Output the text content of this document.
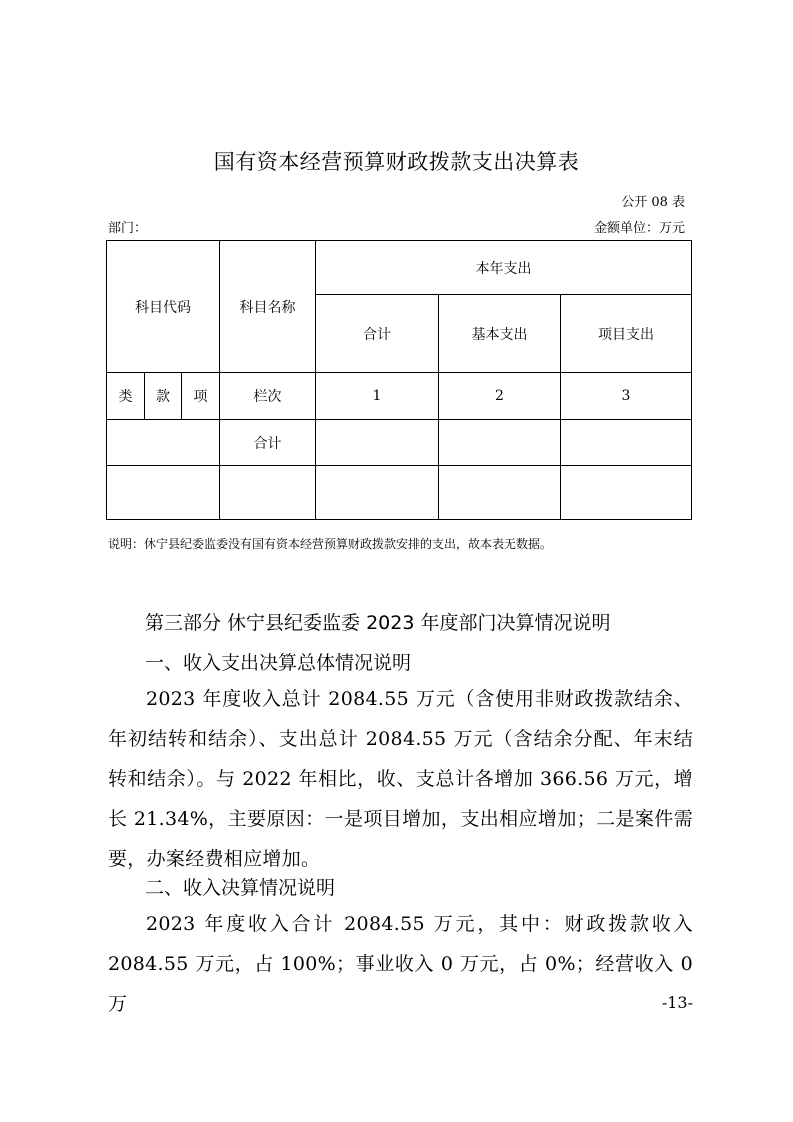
国有资本经营预算财政拨款支出决算表
公开 08 表
部门：	金额单位：万元
科目代码			科目名称	本年支出		
				合计	基本支出	项目支出
类	款	项	栏次	1	2	3
			合计			

说明：休宁县纪委监委没有国有资本经营预算财政拨款安排的支出，故本表无数据。
第三部分 休宁县纪委监委 2023 年度部门决算情况说明
一、收入支出决算总体情况说明

2023 年度收入总计 2084.55 万元（含使用非财政拨款结余、年初结转和结余）、支出总计 2084.55 万元（含结余分配、年末结转和结余）。与 2022 年相比，收、支总计各增加 366.56 万元，增长 21.34%，主要原因：一是项目增加，支出相应增加；二是案件需要，办案经费相应增加。

二、收入决算情况说明

2023 年度收入合计 2084.55 万元，其中：财政拨款收入 2084.55 万元，占 100%；事业收入 0 万元，占 0%；经营收入 0 万	-13-
